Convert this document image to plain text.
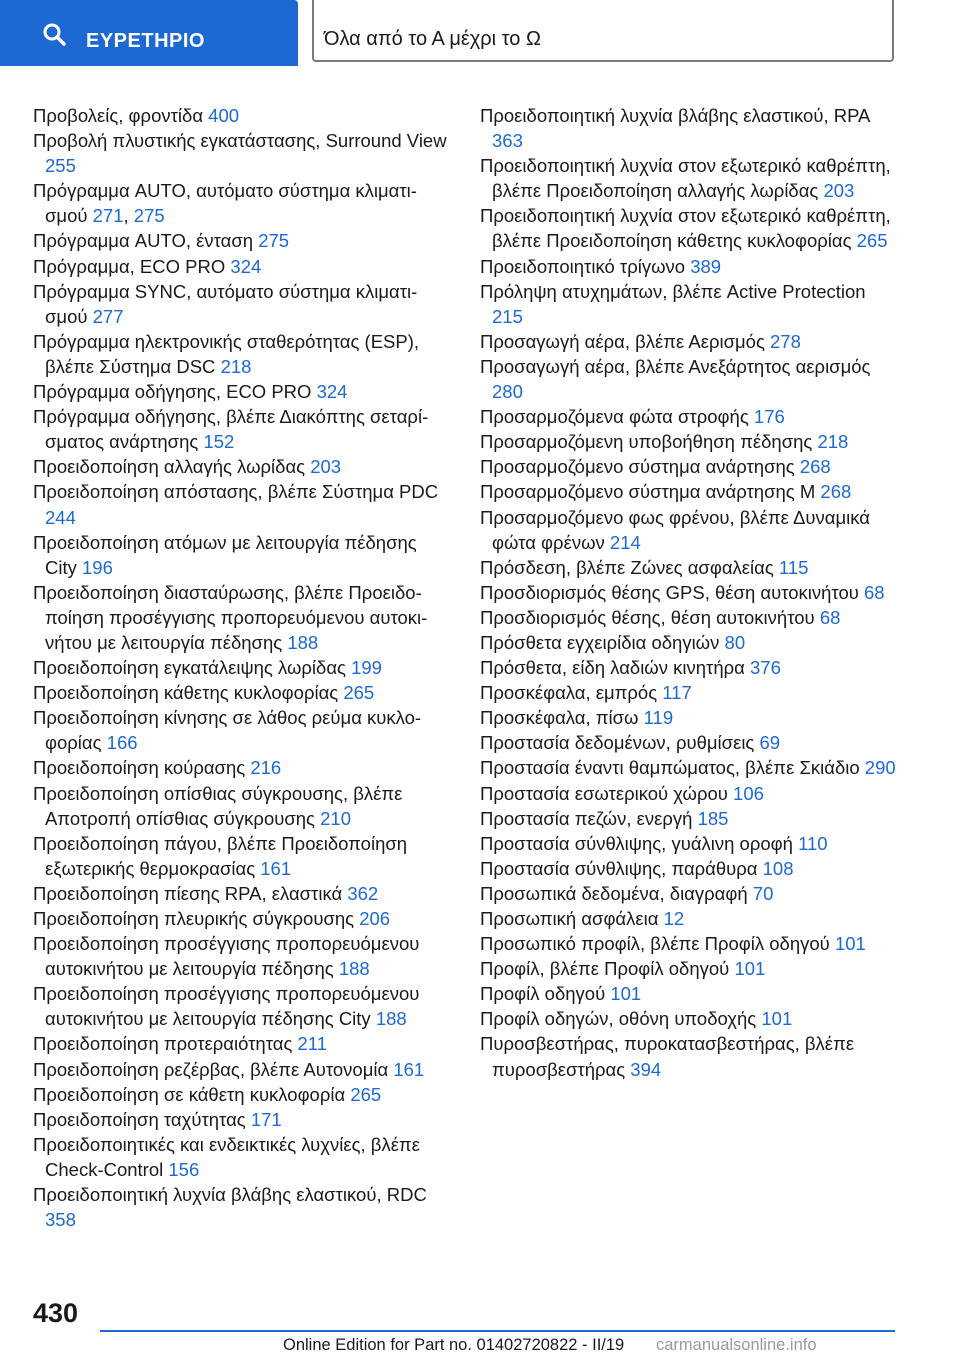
ΕΥΡΕΤΗΡΙΟ	Όλα από το Α μέχρι το Ω

Προβολείς, φροντίδα 400

Προβολή πλυστικής εγκατάστασης, Surround View 255

Πρόγραμμα AUTO, αυτόματο σύστημα κλιματισμού 271, 275

Πρόγραμμα AUTO, ένταση 275

Πρόγραμμα, ECO PRO 324

Πρόγραμμα SYNC, αυτόματο σύστημα κλιματισμού 277

Πρόγραμμα ηλεκτρονικής σταθερότητας (ESP), βλέπε Σύστημα DSC 218

Πρόγραμμα οδήγησης, ECO PRO 324

Πρόγραμμα οδήγησης, βλέπε Διακόπτης σεταρίσματος ανάρτησης 152

Προειδοποίηση αλλαγής λωρίδας 203

Προειδοποίηση απόστασης, βλέπε Σύστημα PDC 244

Προειδοποίηση ατόμων με λειτουργία πέδησης City 196

Προειδοποίηση διασταύρωσης, βλέπε Προειδοποίηση προσέγγισης προπορευόμενου αυτοκινήτου με λειτουργία πέδησης 188

Προειδοποίηση εγκατάλειψης λωρίδας 199

Προειδοποίηση κάθετης κυκλοφορίας 265

Προειδοποίηση κίνησης σε λάθος ρεύμα κυκλοφορίας 166

Προειδοποίηση κούρασης 216

Προειδοποίηση οπίσθιας σύγκρουσης, βλέπε Αποτροπή οπίσθιας σύγκρουσης 210

Προειδοποίηση πάγου, βλέπε Προειδοποίηση εξωτερικής θερμοκρασίας 161

Προειδοποίηση πίεσης RPA, ελαστικά 362

Προειδοποίηση πλευρικής σύγκρουσης 206

Προειδοποίηση προσέγγισης προπορευόμενου αυτοκινήτου με λειτουργία πέδησης 188

Προειδοποίηση προσέγγισης προπορευόμενου αυτοκινήτου με λειτουργία πέδησης City 188

Προειδοποίηση προτεραιότητας 211

Προειδοποίηση ρεζέρβας, βλέπε Αυτονομία 161

Προειδοποίηση σε κάθετη κυκλοφορία 265

Προειδοποίηση ταχύτητας 171

Προειδοποιητικές και ενδεικτικές λυχνίες, βλέπε Check-Control 156

Προειδοποιητική λυχνία βλάβης ελαστικού, RDC 358

Προειδοποιητική λυχνία βλάβης ελαστικού, RPA 363

Προειδοποιητική λυχνία στον εξωτερικό καθρέπτη, βλέπε Προειδοποίηση αλλαγής λωρίδας 203

Προειδοποιητική λυχνία στον εξωτερικό καθρέπτη, βλέπε Προειδοποίηση κάθετης κυκλοφορίας 265

Προειδοποιητικό τρίγωνο 389

Πρόληψη ατυχημάτων, βλέπε Active Protection 215

Προσαγωγή αέρα, βλέπε Αερισμός 278

Προσαγωγή αέρα, βλέπε Ανεξάρτητος αερισμός 280

Προσαρμοζόμενα φώτα στροφής 176

Προσαρμοζόμενη υποβοήθηση πέδησης 218

Προσαρμοζόμενο σύστημα ανάρτησης 268

Προσαρμοζόμενο σύστημα ανάρτησης M 268

Προσαρμοζόμενο φως φρένου, βλέπε Δυναμικά φώτα φρένων 214

Πρόσδεση, βλέπε Ζώνες ασφαλείας 115

Προσδιορισμός θέσης GPS, θέση αυτοκινήτου 68

Προσδιορισμός θέσης, θέση αυτοκινήτου 68

Πρόσθετα εγχειρίδια οδηγιών 80

Πρόσθετα, είδη λαδιών κινητήρα 376

Προσκέφαλα, εμπρός 117

Προσκέφαλα, πίσω 119

Προστασία δεδομένων, ρυθμίσεις 69

Προστασία έναντι θαμπώματος, βλέπε Σκιάδιο 290

Προστασία εσωτερικού χώρου 106

Προστασία πεζών, ενεργή 185

Προστασία σύνθλιψης, γυάλινη οροφή 110

Προστασία σύνθλιψης, παράθυρα 108

Προσωπικά δεδομένα, διαγραφή 70

Προσωπική ασφάλεια 12

Προσωπικό προφίλ, βλέπε Προφίλ οδηγού 101

Προφίλ, βλέπε Προφίλ οδηγού 101

Προφίλ οδηγού 101

Προφίλ οδηγών, οθόνη υποδοχής 101

Πυροσβεστήρας, πυροκατασβεστήρας, βλέπε πυροσβεστήρας 394

430
Online Edition for Part no. 01402720822 - II/19 carmanualsonline.info
